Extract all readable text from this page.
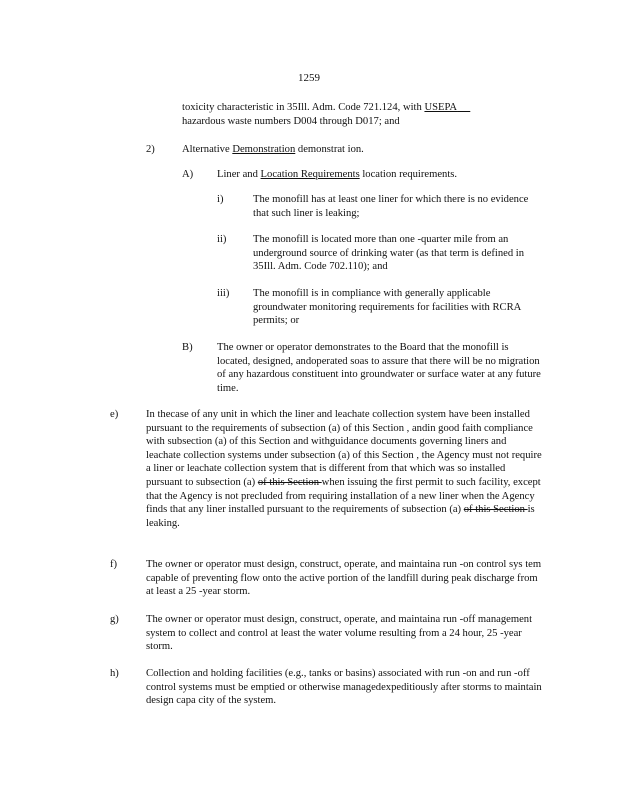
1259
toxicity characteristic in 35Ill. Adm. Code 721.124, with USEPA
hazardous waste numbers D004 through D017; and
2)	Alternative Demonstration demonstrat ion.
A) Liner and Location Requirements location requirements.
i)	The monofill has at least one liner for which there is no evidence that such liner is leaking;
ii)	The monofill is located more than one -quarter mile from an underground source of drinking water (as that term is defined in 35Ill. Adm. Code 702.110); and
iii) The monofill is in compliance with generally applicable groundwater monitoring requirements for facilities with RCRA permits; or
B) The owner or operator demonstrates to the Board that the monofill is located, designed, andoperated soas to assure that there will be no migration of any hazardous constituent into groundwater or surface water at any future time.
e)	In thecase of any unit in which the liner and leachate collection system have been installed pursuant to the requirements of subsection (a) of this Section , andin good faith compliance with subsection (a) of this Section and withguidance documents governing liners and leachate collection systems under subsection (a) of this Section , the Agency must not require a liner or leachate collection system that is different from that which was so installed pursuant to subsection (a) of this Section when issuing the first permit to such facility, except that the Agency is not precluded from requiring installation of a new liner when the Agency finds that any liner installed pursuant to the requirements of subsection (a) of this Section is leaking.
f)	The owner or operator must design, construct, operate, and maintaina run -on control sys tem capable of preventing flow onto the active portion of the landfill during peak discharge from at least a 25 -year storm.
g)	The owner or operator must design, construct, operate, and maintaina run -off management system to collect and control at least the water volume resulting from a 24 hour, 25 -year storm.
h)	Collection and holding facilities (e.g., tanks or basins) associated with run -on and run -off control systems must be emptied or otherwise managedexpeditiously after storms to maintain design capa city of the system.
